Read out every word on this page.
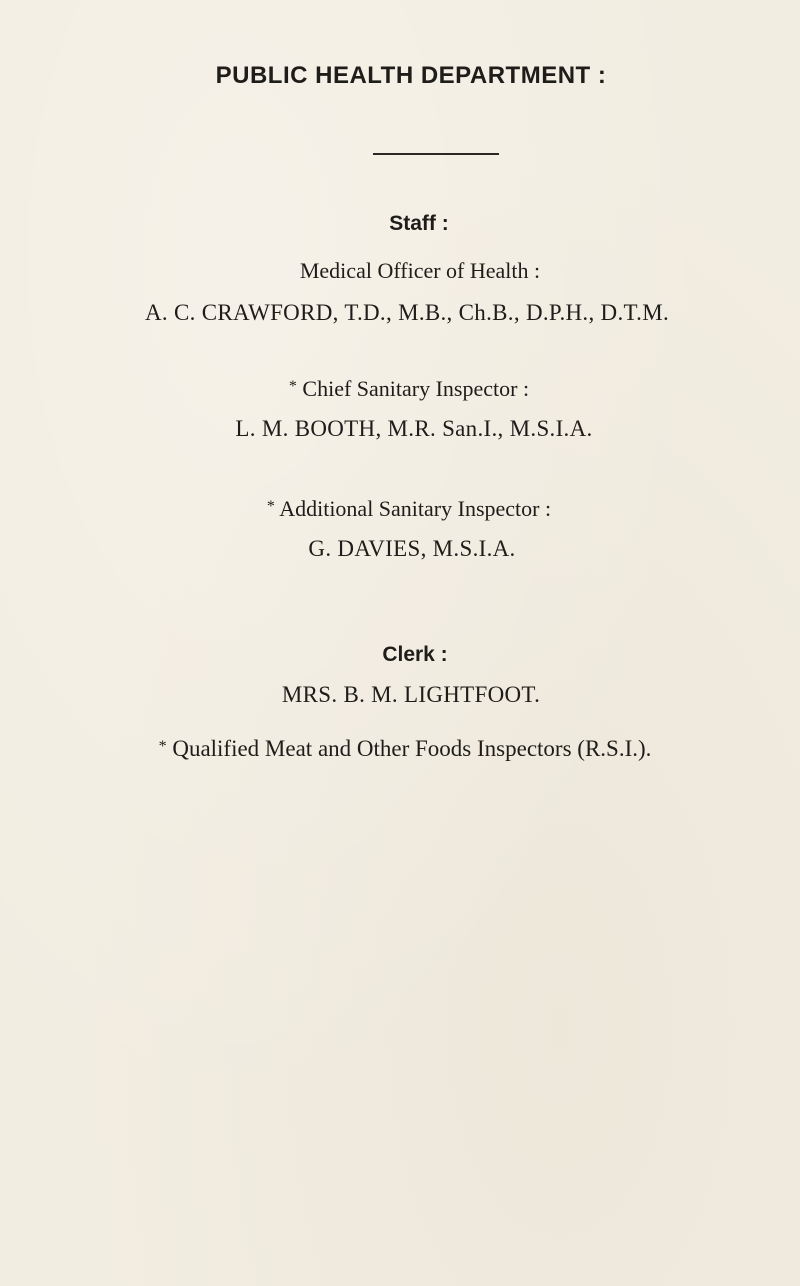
PUBLIC HEALTH DEPARTMENT :
Staff :
Medical Officer of Health :
A. C. CRAWFORD, T.D., M.B., Ch.B., D.P.H., D.T.M.
* Chief Sanitary Inspector :
L. M. BOOTH, M.R. San.I., M.S.I.A.
* Additional Sanitary Inspector :
G. DAVIES, M.S.I.A.
Clerk :
MRS. B. M. LIGHTFOOT.
* Qualified Meat and Other Foods Inspectors (R.S.I.).
